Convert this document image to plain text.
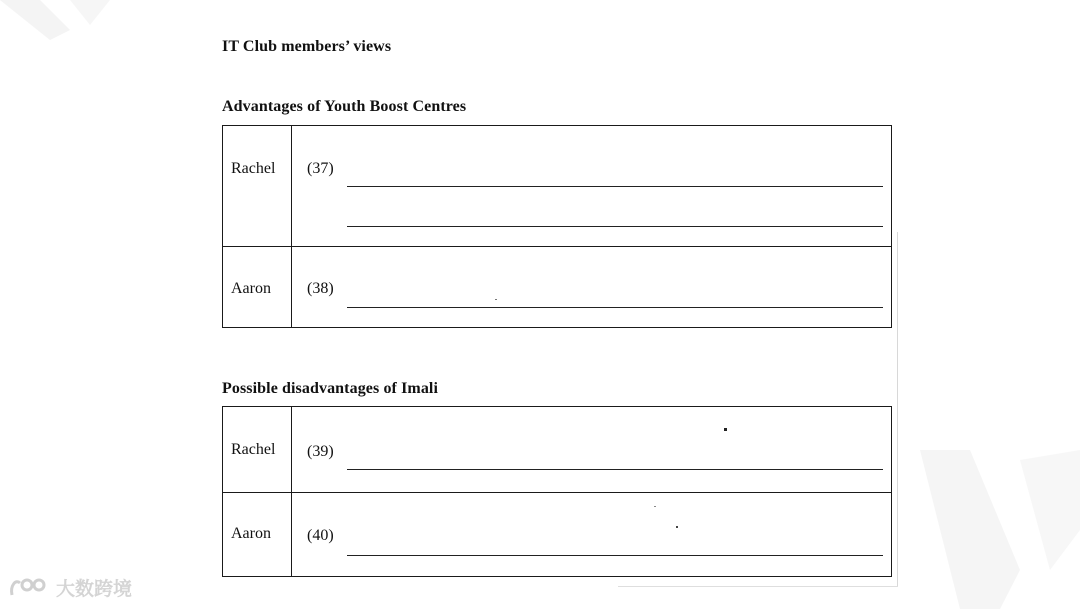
IT Club members’ views
Advantages of Youth Boost Centres
Rachel (37)
Aaron (38)
Possible disadvantages of Imali
Rachel (39)
Aaron (40)
大数跨境
